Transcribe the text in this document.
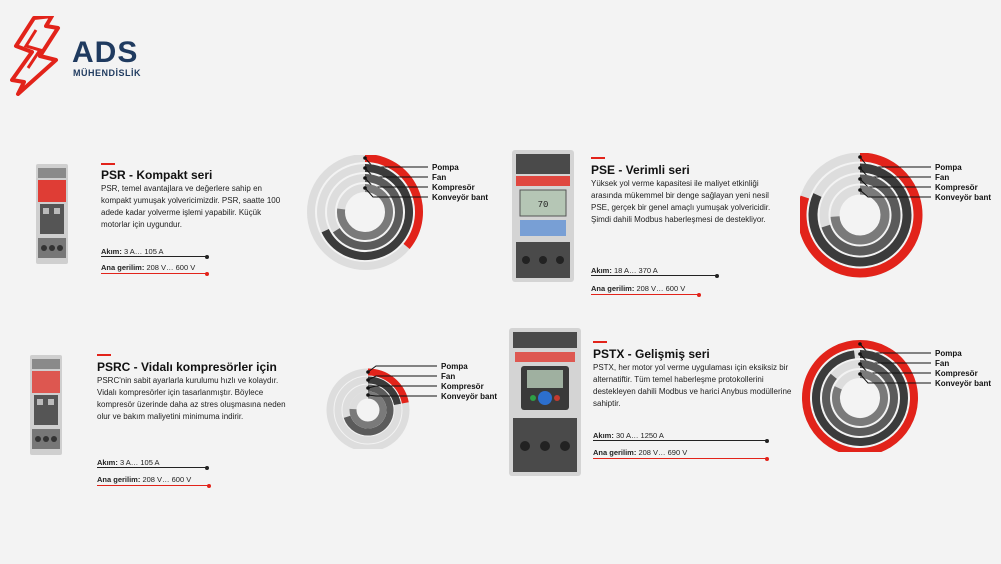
ADS
MÜHENDİSLİK
PSR - Kompakt seri
PSR, temel avantajlara ve değerlere sahip en kompakt yumuşak yolvericimizdir. PSR, saatte 100 adede kadar yolverme işlemi yapabilir. Küçük motorlar için uygundur.
Akım: 3 A… 105 A
Ana gerilim: 208 V… 600 V
70
PSE - Verimli seri
Yüksek yol verme kapasitesi ile maliyet etkinliği arasında mükemmel bir denge sağlayan yeni nesil PSE, gerçek bir genel amaçlı yumuşak yolvericidir. Şimdi dahili Modbus haberleşmesi de destekliyor.
Akım: 18 A… 370 A
Ana gerilim: 208 V… 600 V
PSRC - Vidalı kompresörler için
PSRC'nin sabit ayarlarla kurulumu hızlı ve kolaydır. Vidalı kompresörler için tasarlanmıştır. Böylece kompresör üzerinde daha az stres oluşmasına neden olur ve bakım maliyetini minimuma indirir.
Akım: 3 A… 105 A
Ana gerilim: 208 V… 600 V
PSTX - Gelişmiş seri
PSTX, her motor yol verme uygulaması için eksiksiz bir alternatiftir. Tüm temel haberleşme protokollerini destekleyen dahili Modbus ve harici Anybus modüllerine sahiptir.
Akım: 30 A… 1250 A
Ana gerilim: 208 V… 690 V
Pompa
Fan
Kompresör
Konveyör bant
Pompa
Fan
Kompresör
Konveyör bant
Pompa
Fan
Kompresör
Konveyör bant
Pompa
Fan
Kompresör
Konveyör bant
